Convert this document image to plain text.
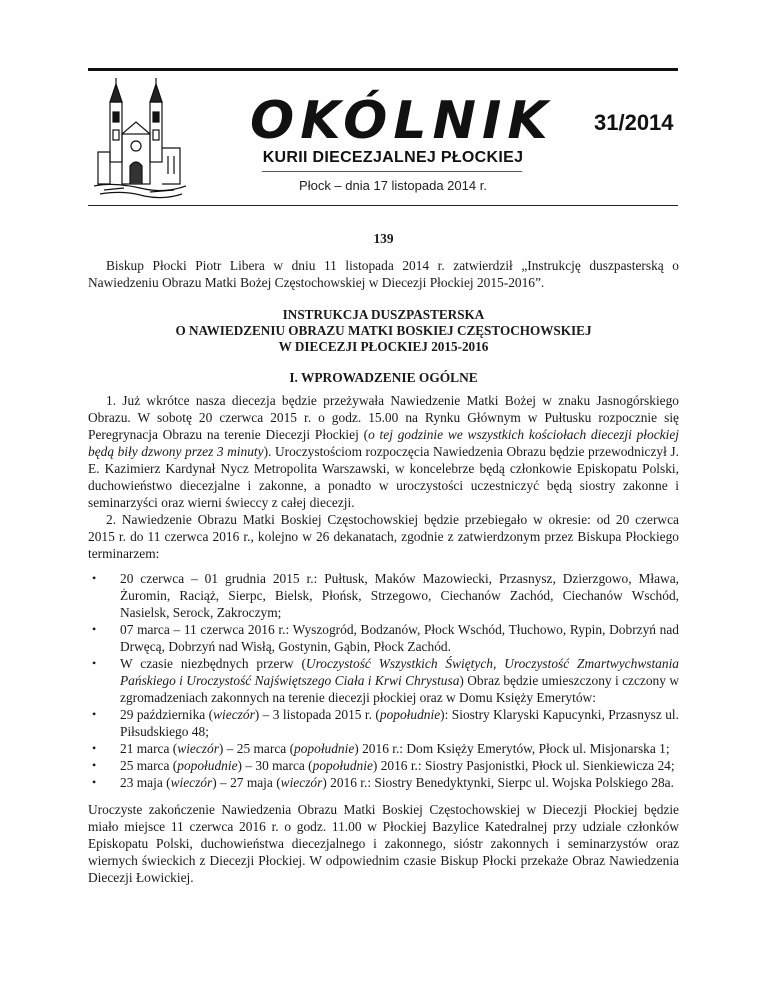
OKÓLNIK 31/2014
KURII DIECEZJALNEJ PŁOCKIEJ
Płock – dnia 17 listopada 2014 r.

139

Biskup Płocki Piotr Libera w dniu 11 listopada 2014 r. zatwierdził „Instrukcję duszpasterską o Nawiedzeniu Obrazu Matki Bożej Częstochowskiej w Diecezji Płockiej 2015-2016”.

INSTRUKCJA DUSZPASTERSKA
O NAWIEDZENIU OBRAZU MATKI BOSKIEJ CZĘSTOCHOWSKIEJ
W DIECEZJI PŁOCKIEJ 2015-2016

I. WPROWADZENIE OGÓLNE

1. Już wkrótce nasza diecezja będzie przeżywała Nawiedzenie Matki Bożej w znaku Jasnogórskiego Obrazu. W sobotę 20 czerwca 2015 r. o godz. 15.00 na Rynku Głównym w Pułtusku rozpocznie się Peregrynacja Obrazu na terenie Diecezji Płockiej (o tej godzinie we wszystkich kościołach diecezji płockiej będą biły dzwony przez 3 minuty). Uroczystościom rozpoczęcia Nawiedzenia Obrazu będzie przewodniczył J. E. Kazimierz Kardynał Nycz Metropolita Warszawski, w koncelebrze będą członkowie Episkopatu Polski, duchowieństwo diecezjalne i zakonne, a ponadto w uroczystości uczestniczyć będą siostry zakonne i seminarzyści oraz wierni świeccy z całej diecezji.

2. Nawiedzenie Obrazu Matki Boskiej Częstochowskiej będzie przebiegało w okresie: od 20 czerwca 2015 r. do 11 czerwca 2016 r., kolejno w 26 dekanatach, zgodnie z zatwierdzonym przez Biskupa Płockiego terminarzem:

• 20 czerwca – 01 grudnia 2015 r.: Pułtusk, Maków Mazowiecki, Przasnysz, Dzierzgowo, Mława, Żuromin, Raciąż, Sierpc, Bielsk, Płońsk, Strzegowo, Ciechanów Zachód, Ciechanów Wschód, Nasielsk, Serock, Zakroczym;
• 07 marca – 11 czerwca 2016 r.: Wyszogród, Bodzanów, Płock Wschód, Tłuchowo, Rypin, Dobrzyń nad Drwęcą, Dobrzyń nad Wisłą, Gostynin, Gąbin, Płock Zachód.
• W czasie niezbędnych przerw (Uroczystość Wszystkich Świętych, Uroczystość Zmartwychwstania Pańskiego i Uroczystość Najświętszego Ciała i Krwi Chrystusa) Obraz będzie umieszczony i czczony w zgromadzeniach zakonnych na terenie diecezji płockiej oraz w Domu Księży Emerytów:
• 29 października (wieczór) – 3 listopada 2015 r. (popołudnie): Siostry Klaryski Kapucynki, Przasnysz ul. Piłsudskiego 48;
• 21 marca (wieczór) – 25 marca (popołudnie) 2016 r.: Dom Księży Emerytów, Płock ul. Misjonarska 1;
• 25 marca (popołudnie) – 30 marca (popołudnie) 2016 r.: Siostry Pasjonistki, Płock ul. Sienkiewicza 24;
• 23 maja (wieczór) – 27 maja (wieczór) 2016 r.: Siostry Benedyktynki, Sierpc ul. Wojska Polskiego 28a.

Uroczyste zakończenie Nawiedzenia Obrazu Matki Boskiej Częstochowskiej w Diecezji Płockiej będzie miało miejsce 11 czerwca 2016 r. o godz. 11.00 w Płockiej Bazylice Katedralnej przy udziale członków Episkopatu Polski, duchowieństwa diecezjalnego i zakonnego, sióstr zakonnych i seminarzystów oraz wiernych świeckich z Diecezji Płockiej. W odpowiednim czasie Biskup Płocki przekaże Obraz Nawiedzenia Diecezji Łowickiej.
